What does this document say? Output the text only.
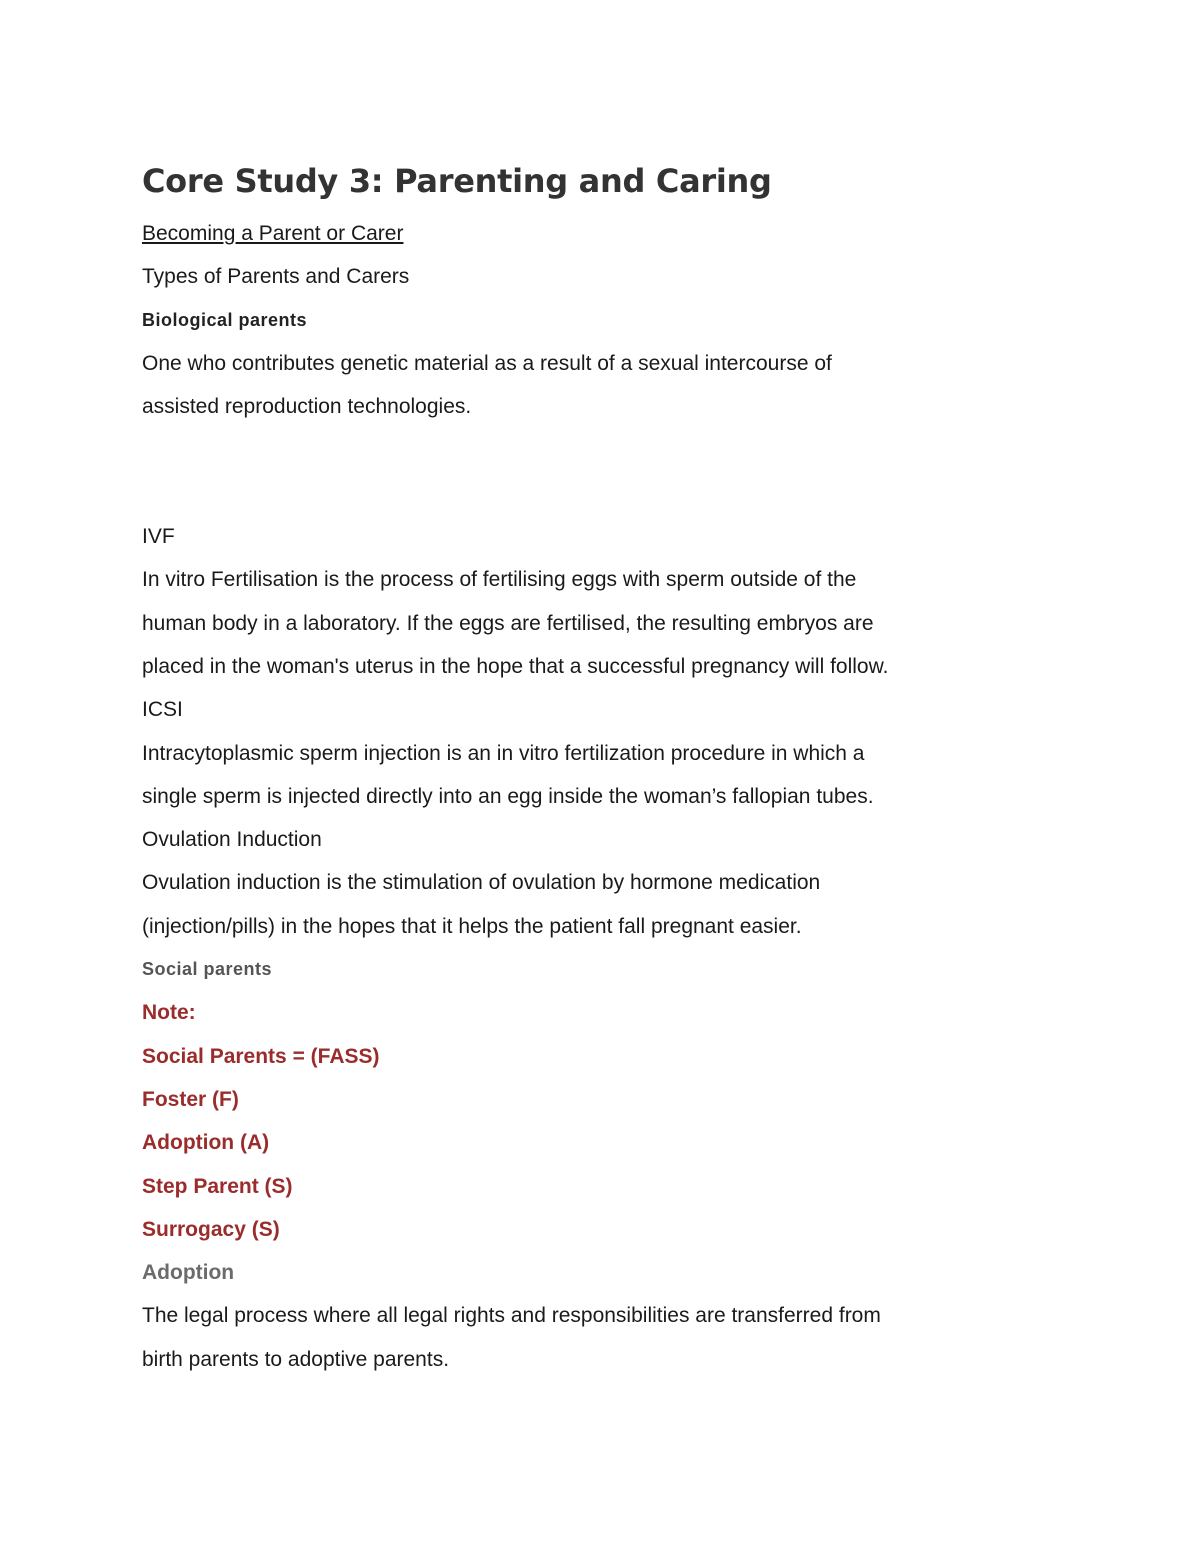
Core Study 3: Parenting and Caring

Becoming a Parent or Carer

Types of Parents and Carers

Biological parents

One who contributes genetic material as a result of a sexual intercourse of

assisted reproduction technologies.

IVF

In vitro Fertilisation is the process of fertilising eggs with sperm outside of the

human body in a laboratory. If the eggs are fertilised, the resulting embryos are

placed in the woman's uterus in the hope that a successful pregnancy will follow.

ICSI

Intracytoplasmic sperm injection is an in vitro fertilization procedure in which a

single sperm is injected directly into an egg inside the woman’s fallopian tubes.

Ovulation Induction

Ovulation induction is the stimulation of ovulation by hormone medication

(injection/pills) in the hopes that it helps the patient fall pregnant easier.

Social parents

Note:

Social Parents = (FASS)

Foster (F)

Adoption (A)

Step Parent (S)

Surrogacy (S)

Adoption

The legal process where all legal rights and responsibilities are transferred from

birth parents to adoptive parents.
